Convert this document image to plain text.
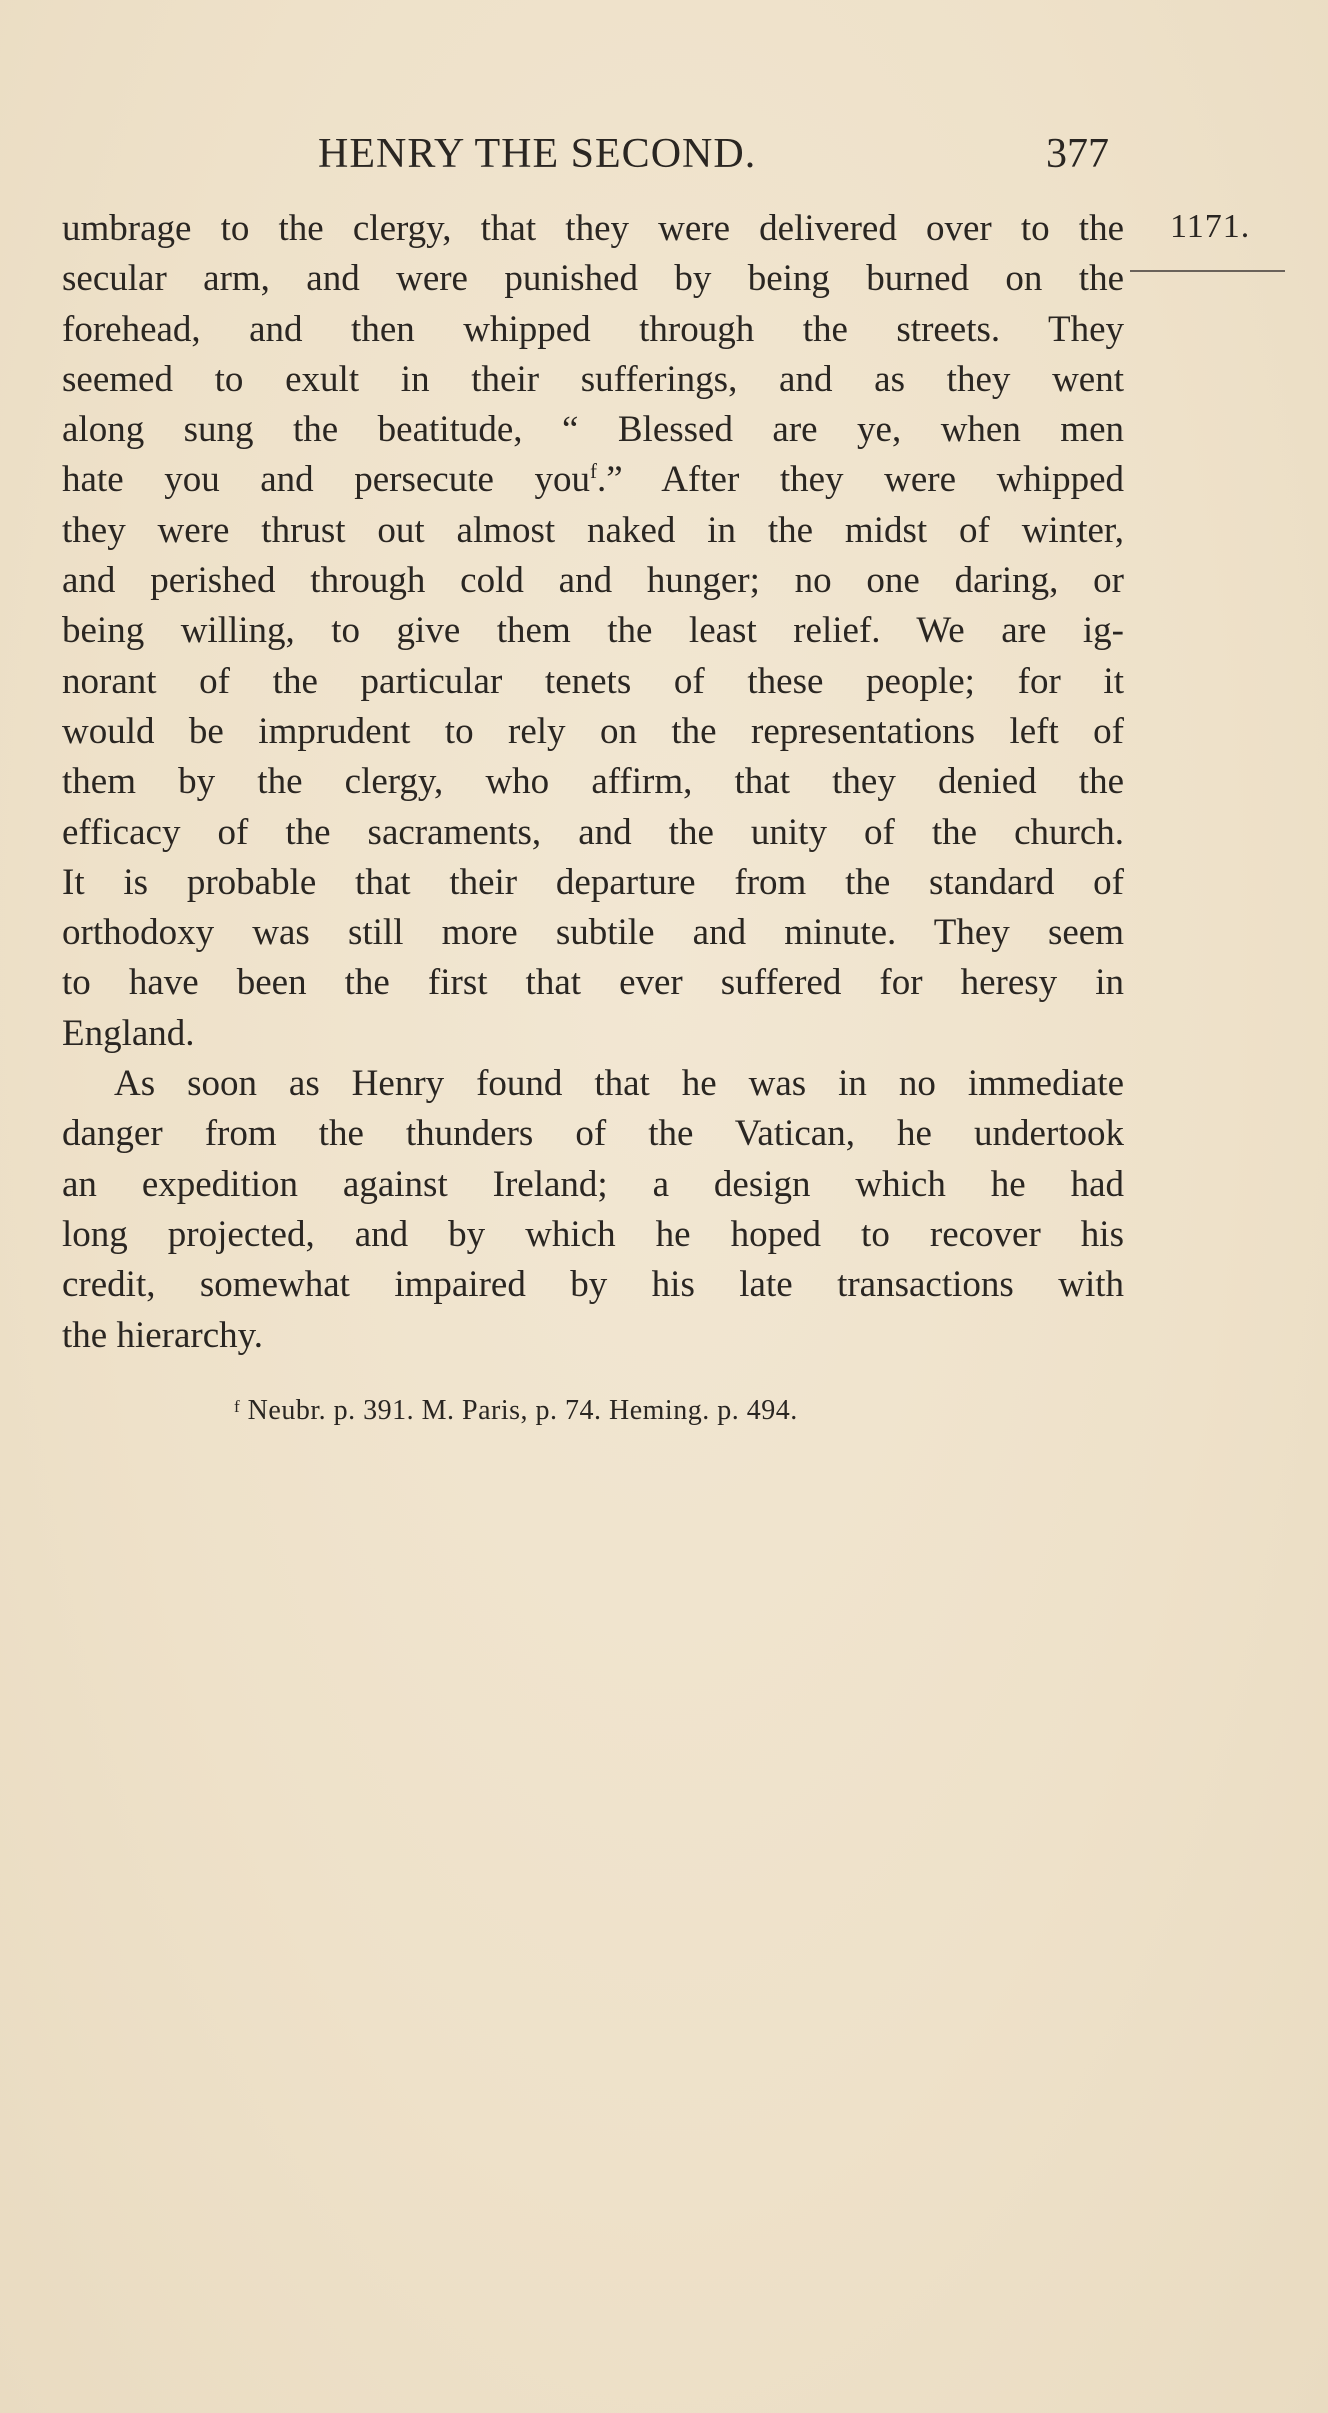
HENRY THE SECOND.	377
1171.
umbrage to the clergy, that they were delivered over to the
secular arm, and were punished by being burned on the
forehead, and then whipped through the streets. They
seemed to exult in their sufferings, and as they went
along sung the beatitude, “ Blessed are ye, when men
hate you and persecute you$^f$.” After they were whipped
they were thrust out almost naked in the midst of winter,
and perished through cold and hunger; no one daring, or
being willing, to give them the least relief. We are ig-
norant of the particular tenets of these people; for it
would be imprudent to rely on the representations left of
them by the clergy, who affirm, that they denied the
efficacy of the sacraments, and the unity of the church.
It is probable that their departure from the standard of
orthodoxy was still more subtile and minute. They seem
to have been the first that ever suffered for heresy in
England.
As soon as Henry found that he was in no immediate
danger from the thunders of the Vatican, he undertook
an expedition against Ireland; a design which he had
long projected, and by which he hoped to recover his
credit, somewhat impaired by his late transactions with
the hierarchy.
$^f$ Neubr. p. 391. M. Paris, p. 74. Heming. p. 494.
